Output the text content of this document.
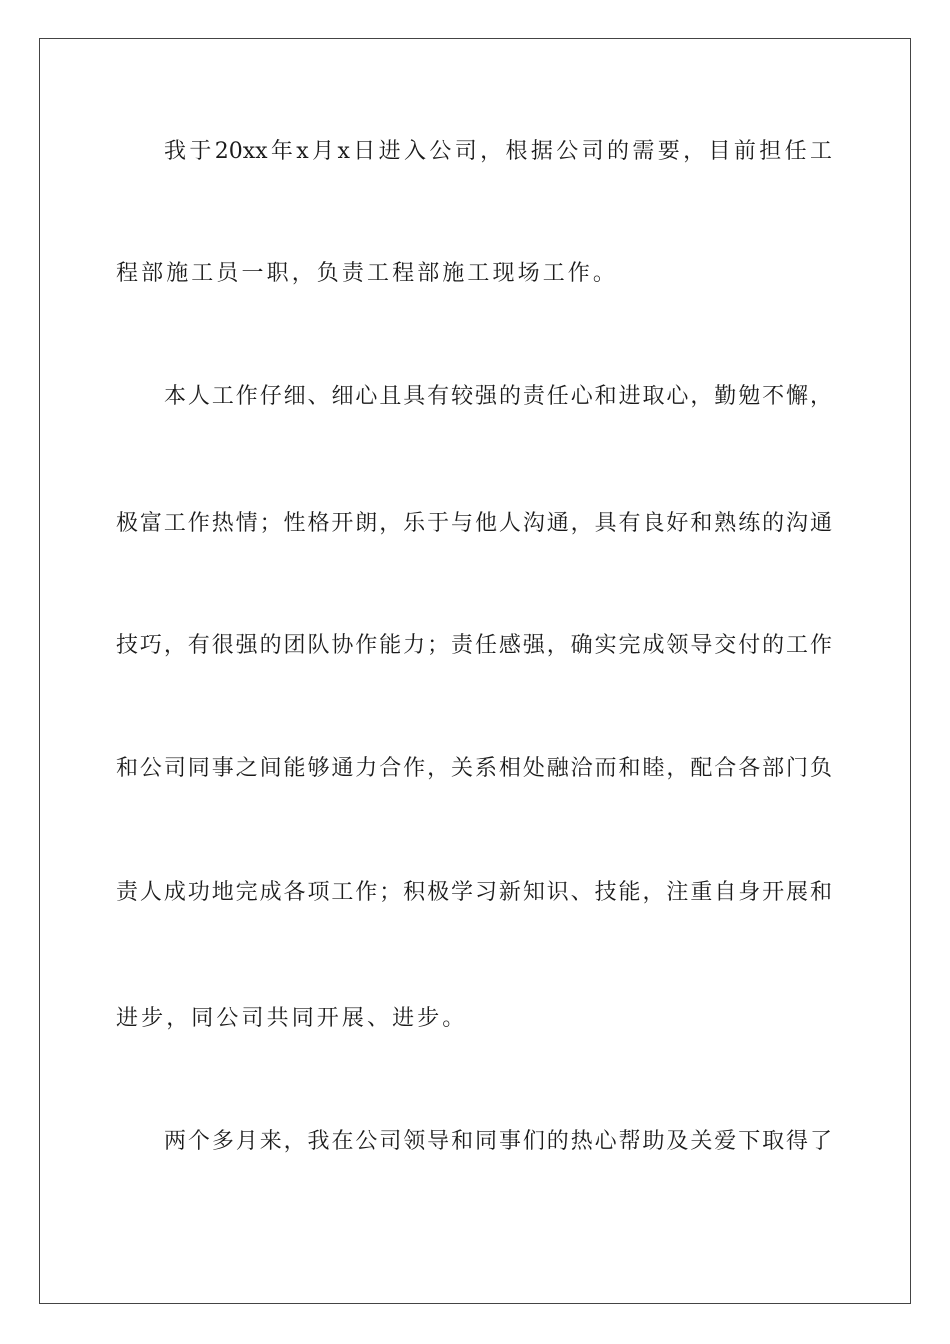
我于20xx年x月x日进入公司，根据公司的需要，目前担任工
程部施工员一职，负责工程部施工现场工作。
本人工作仔细、细心且具有较强的责任心和进取心，勤勉不懈，
极富工作热情；性格开朗，乐于与他人沟通，具有良好和熟练的沟通
技巧，有很强的团队协作能力；责任感强，确实完成领导交付的工作
和公司同事之间能够通力合作，关系相处融洽而和睦，配合各部门负
责人成功地完成各项工作；积极学习新知识、技能，注重自身开展和
进步，同公司共同开展、进步。
两个多月来，我在公司领导和同事们的热心帮助及关爱下取得了
